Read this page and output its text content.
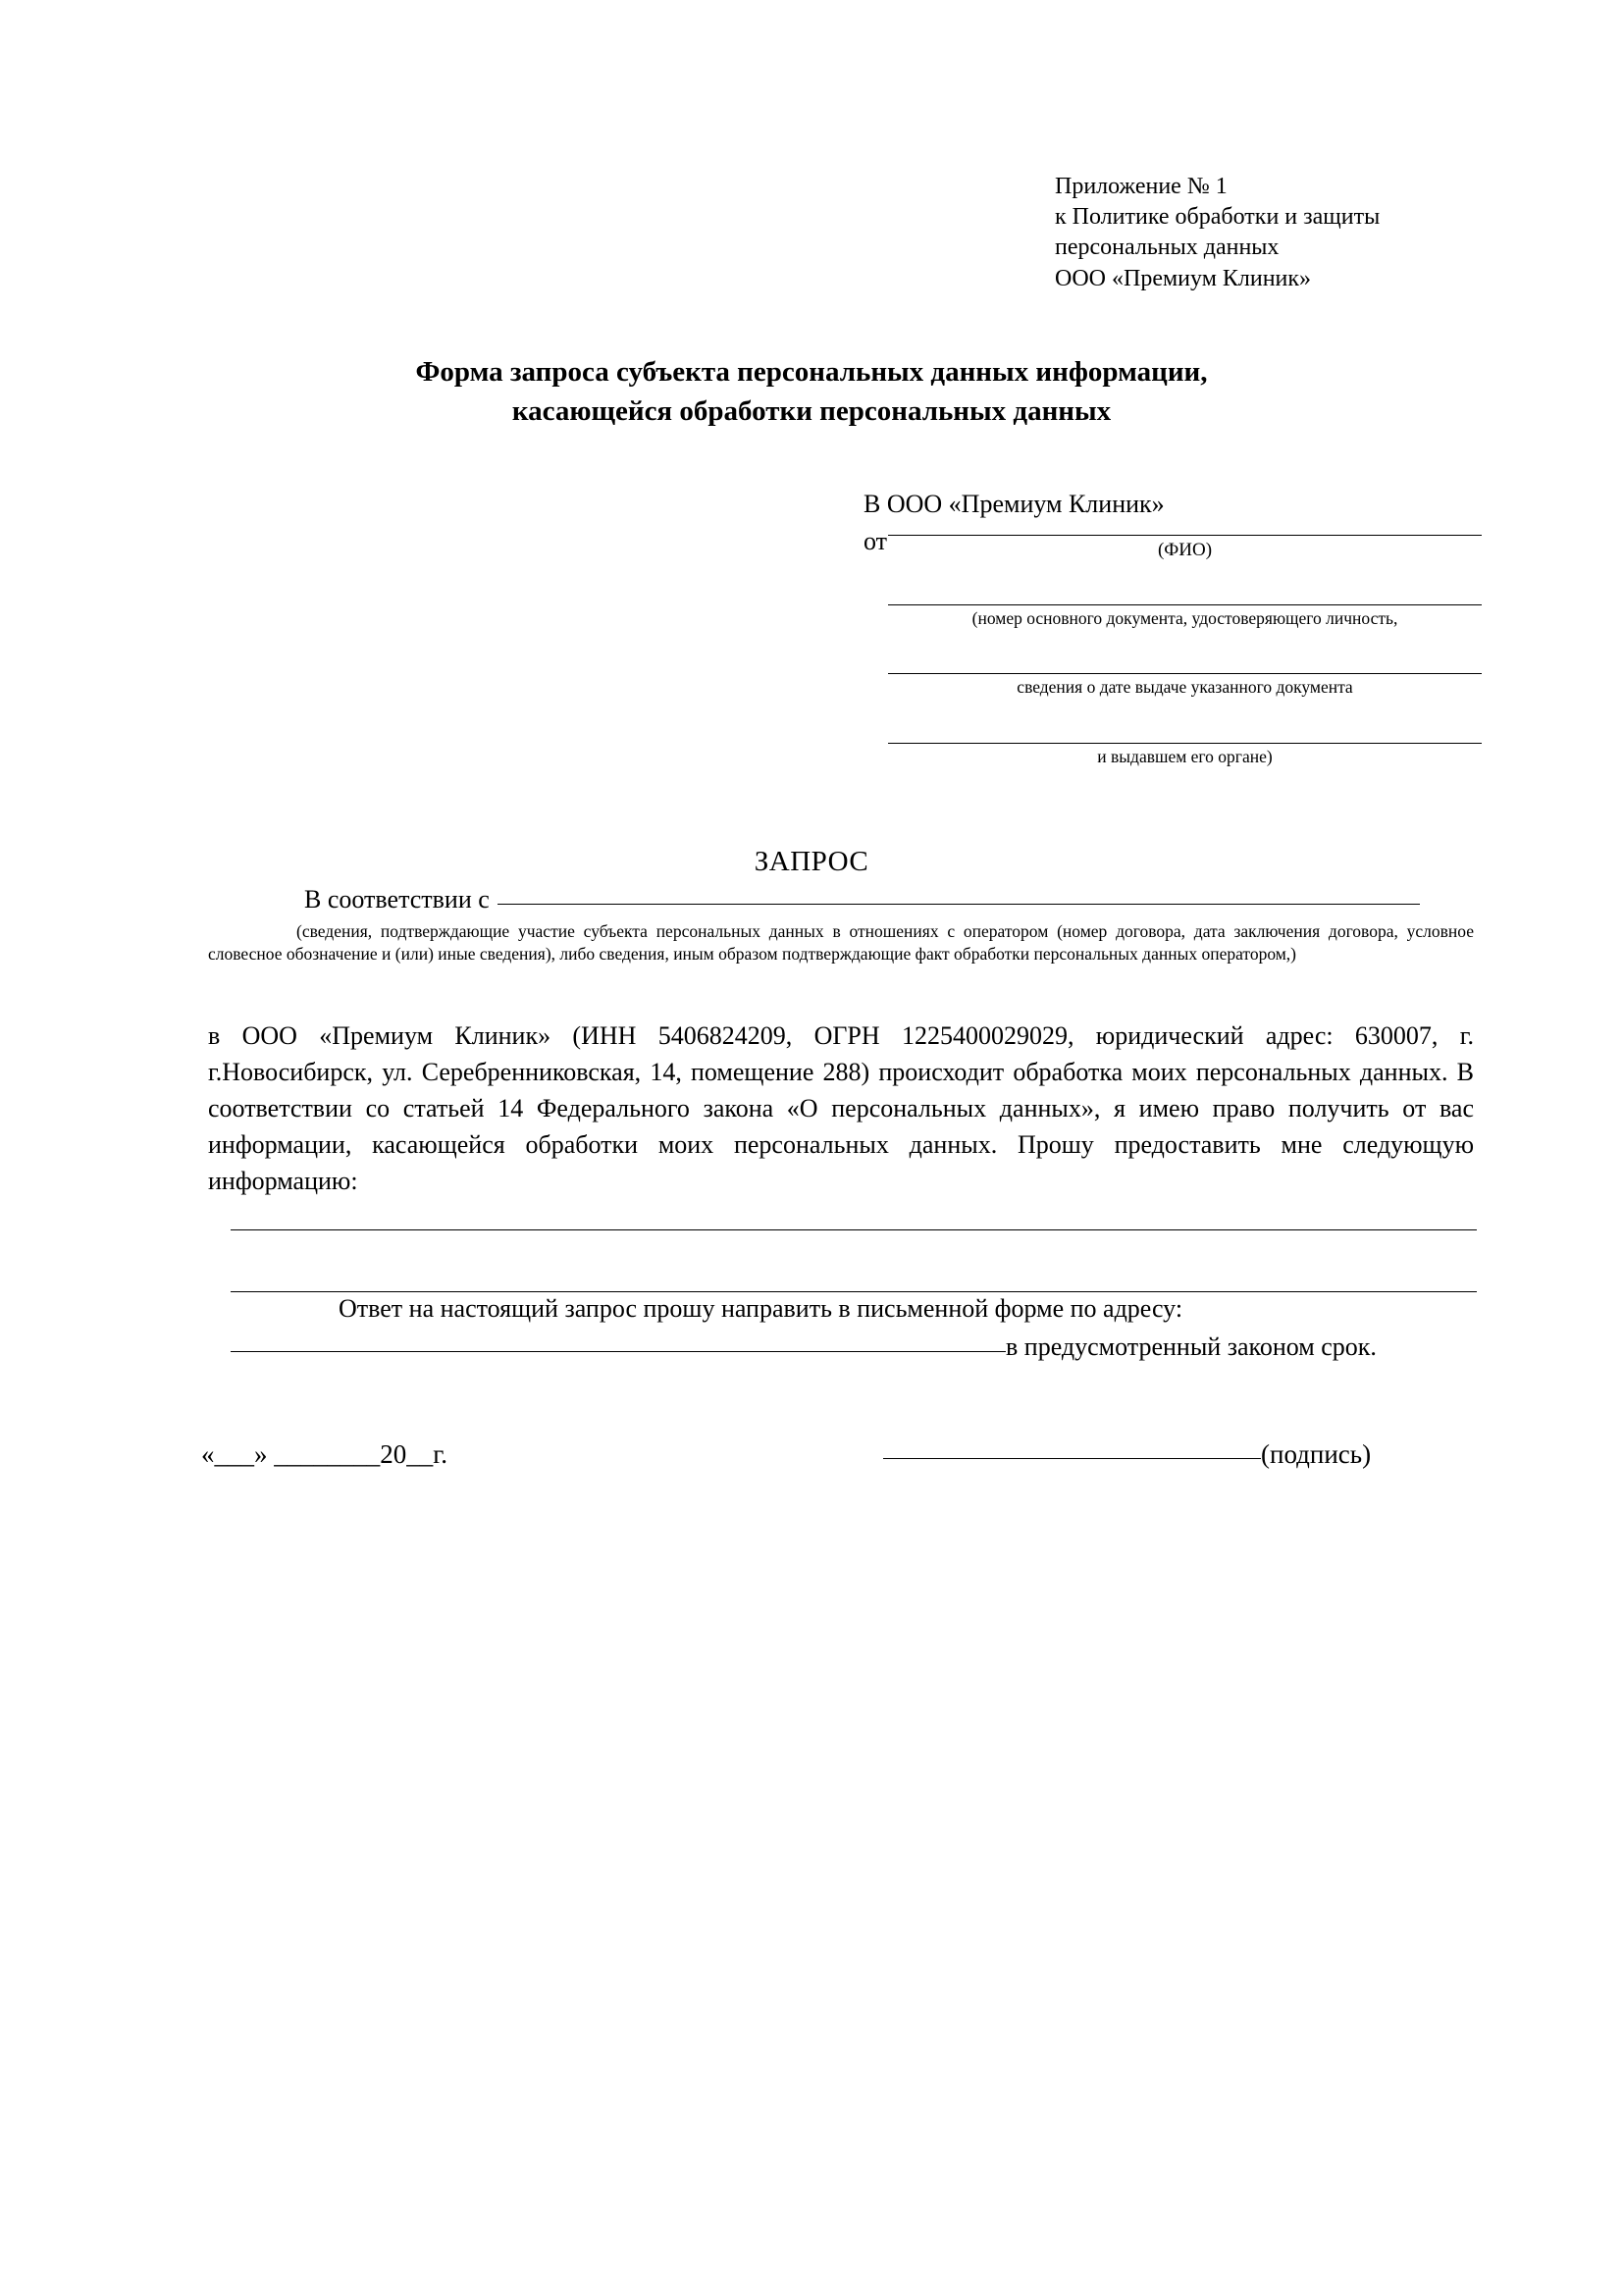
Приложение № 1
к Политике обработки и защиты
персональных данных
ООО «Премиум Клиник»
Форма запроса субъекта персональных данных информации,
касающейся обработки персональных данных
В ООО «Премиум Клиник»
от	(ФИО)
(номер основного документа, удостоверяющего личность,
сведения о дате выдаче указанного документа
и выдавшем его органе)
ЗАПРОС
В соответствии с
(сведения, подтверждающие участие субъекта персональных данных в отношениях с оператором (номер договора, дата заключения договора, условное словесное обозначение и (или) иные сведения), либо сведения, иным образом подтверждающие факт обработки персональных данных оператором,)
в ООО «Премиум Клиник» (ИНН 5406824209, ОГРН 1225400029029, юридический адрес: 630007, г. г.Новосибирск, ул. Серебренниковская, 14, помещение 288) происходит обработка моих персональных данных. В соответствии со статьей 14 Федерального закона «О персональных данных», я имею право получить от вас информации, касающейся обработки моих персональных данных. Прошу предоставить мне следующую информацию:
Ответ на настоящий запрос прошу направить в письменной форме по адресу:
в предусмотренный законом срок.
«___» ________20__г.	(подпись)
